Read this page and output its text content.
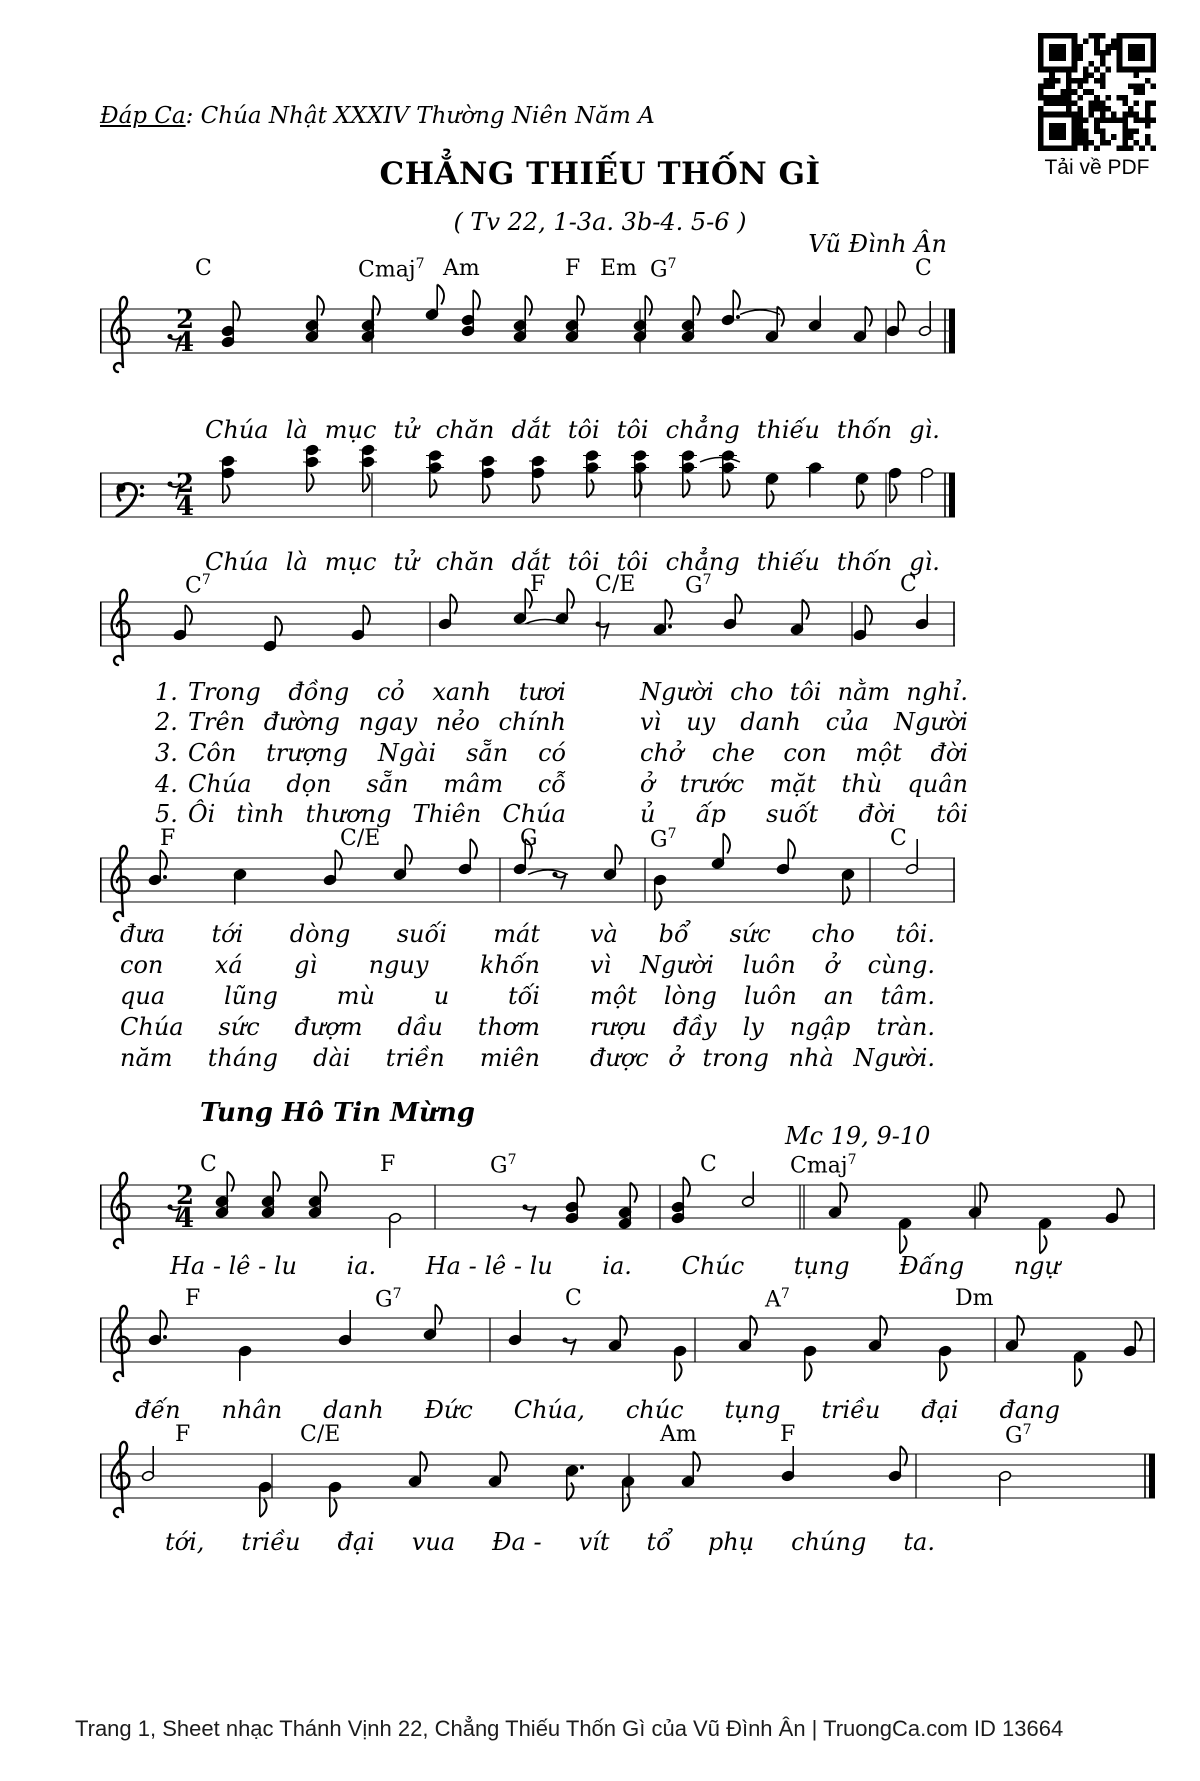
Đáp Ca: Chúa Nhật XXXIV Thường Niên Năm A
Tải về PDF
CHẲNG THIẾU THỐN GÌ
( Tv 22, 1-3a. 3b-4. 5-6 )
Vũ Đình Ân
C	Cmaj$^7$ Am	F Em $G^7$	C
2
4
Chúa là mục tử chăn dắt tôi tôi chẳng thiếu thốn gì.
2
4
Chúa là mục tử chăn dắt tôi tôi chẳng thiếu thốn gì.
$C^7$	F C/E $G^7$	C
1. Trong đồng cỏ xanh tươi	Người cho tôi nằm nghỉ.
2. Trên đường ngay nẻo chính	vì uy danh của Người
3. Côn trượng Ngài sẵn có	chở che con một đời
4. Chúa dọn sẵn mâm cỗ	ở trước mặt thù quân
5. Ôi tình thương Thiên Chúa	ủ ấp suốt đời tôi
F	C/E	G	$G^7$	C
đưa tới dòng suối mát và bổ sức cho tôi.
con xá gì nguy khốn vì Người luôn ở cùng.
qua lũng mù u tối một lòng luôn an tâm.
Chúa sức đượm dầu thơm rượu đầy ly ngập tràn.
năm tháng dài triền miên được ở trong nhà Người.
Tung Hô Tin Mừng
Mc 19, 9-10
C	F	$G^7$	C	Cmaj$^7$
2
4
Ha - lê - lu ia. Ha - lê - lu ia. Chúc tụng Đấng ngự
F	$G^7$	C	$A^7$	Dm
đến nhân danh Đức Chúa, chúc tụng triều đại đang
F	C/E	Am	F	$G^7$
tới, triều đại vua Đa - vít tổ phụ chúng ta.
Trang 1, Sheet nhạc Thánh Vịnh 22, Chẳng Thiếu Thốn Gì của Vũ Đình Ân | TruongCa.com ID 13664
